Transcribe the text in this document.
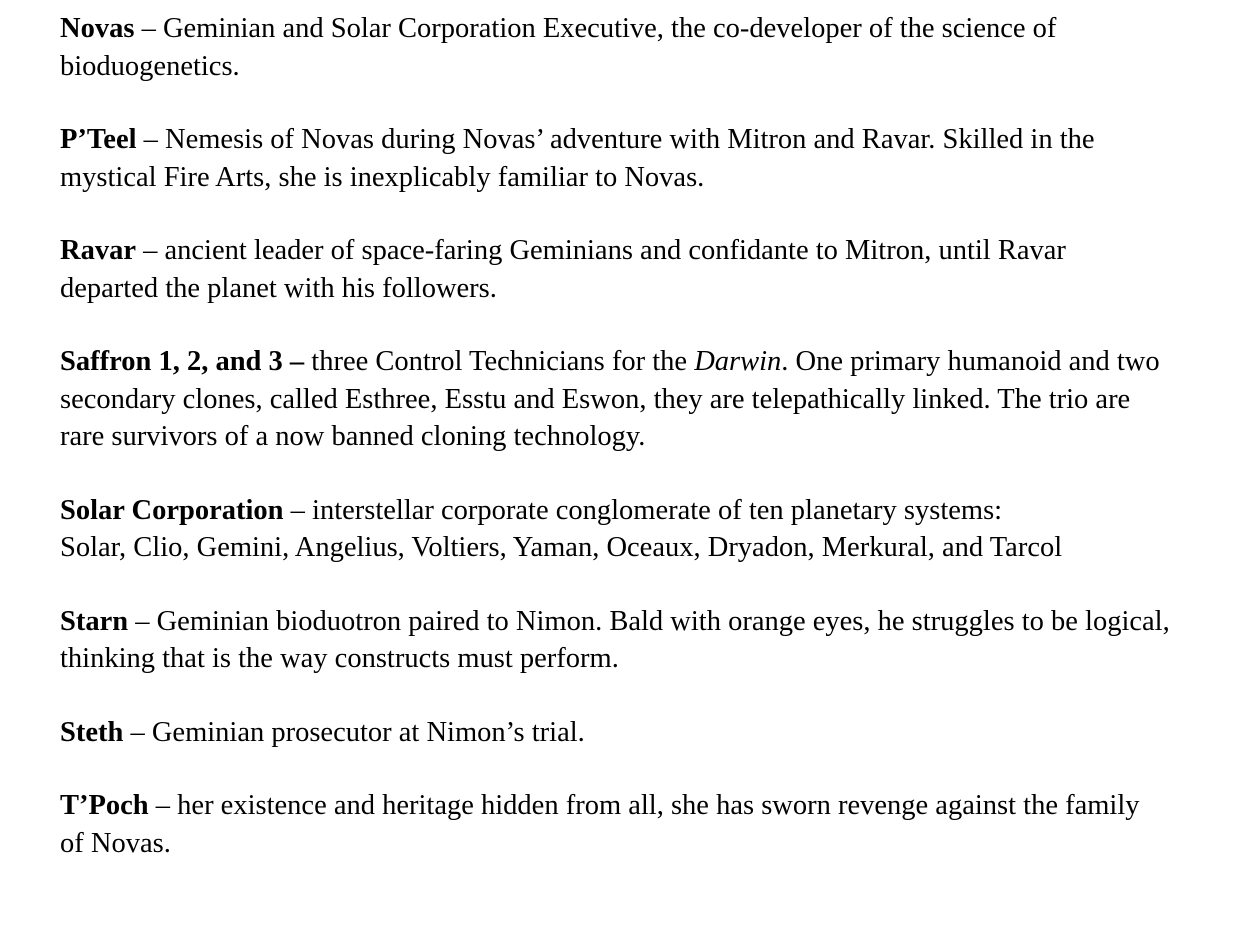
Novas – Geminian and Solar Corporation Executive, the co-developer of the science of bioduogenetics.

P’Teel – Nemesis of Novas during Novas’ adventure with Mitron and Ravar. Skilled in the mystical Fire Arts, she is inexplicably familiar to Novas.

Ravar – ancient leader of space-faring Geminians and confidante to Mitron, until Ravar departed the planet with his followers.

Saffron 1, 2, and 3 – three Control Technicians for the Darwin. One primary humanoid and two secondary clones, called Esthree, Esstu and Eswon, they are telepathically linked. The trio are rare survivors of a now banned cloning technology.

Solar Corporation – interstellar corporate conglomerate of ten planetary systems:
Solar, Clio, Gemini, Angelius, Voltiers, Yaman, Oceaux, Dryadon, Merkural, and Tarcol

Starn – Geminian bioduotron paired to Nimon. Bald with orange eyes, he struggles to be logical, thinking that is the way constructs must perform.

Steth – Geminian prosecutor at Nimon’s trial.

T’Poch – her existence and heritage hidden from all, she has sworn revenge against the family of Novas.
